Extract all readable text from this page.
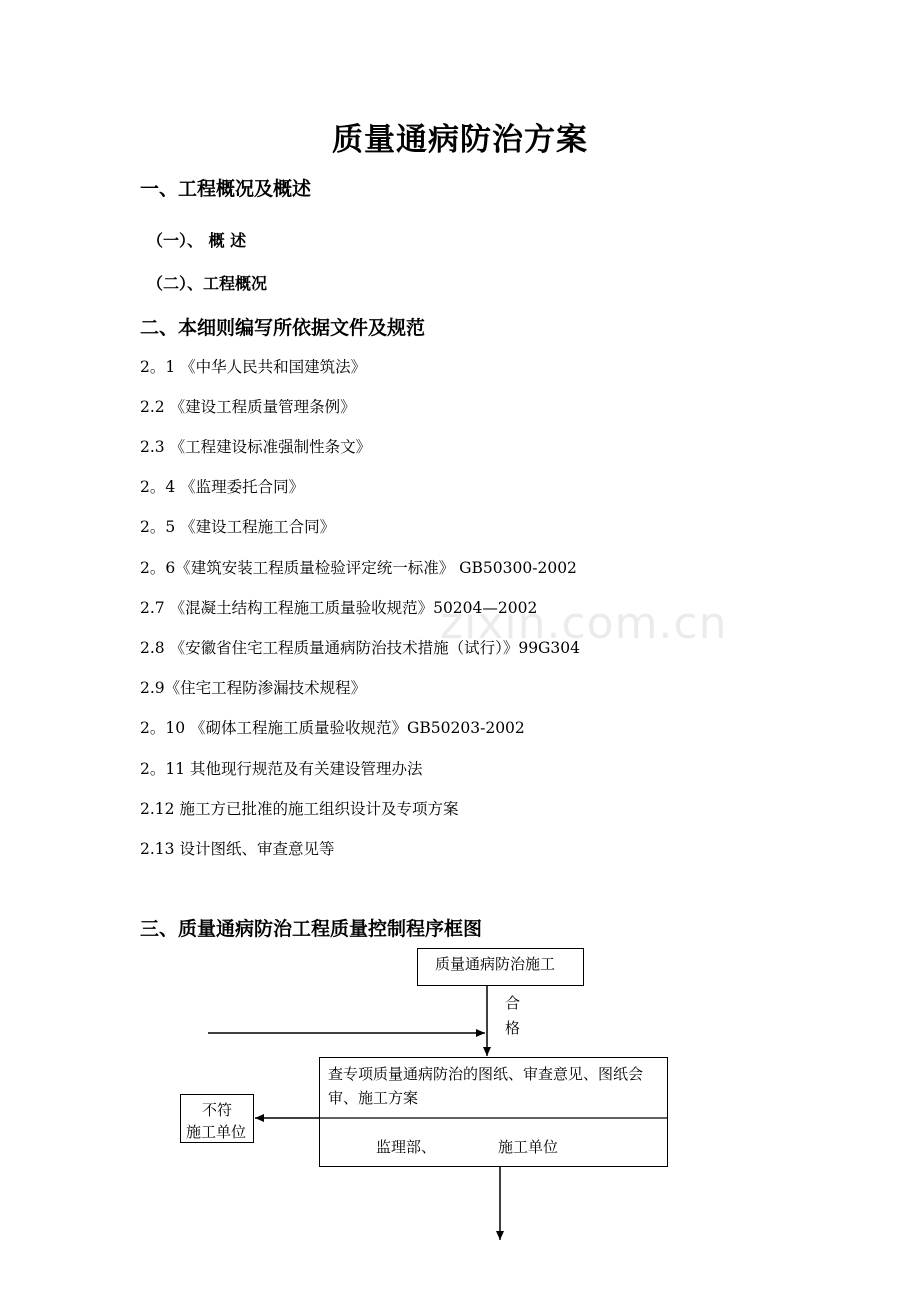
zixin.com.cn
质量通病防治方案
一、工程概况及概述
（一）、 概 述
（二）、工程概况
二、本细则编写所依据文件及规范
2。1 《中华人民共和国建筑法》
2.2 《建设工程质量管理条例》
2.3 《工程建设标准强制性条文》
2。4 《监理委托合同》
2。5 《建设工程施工合同》
2。6《建筑安装工程质量检验评定统一标准》 GB50300-2002
2.7 《混凝土结构工程施工质量验收规范》50204—2002
2.8 《安徽省住宅工程质量通病防治技术措施（试行）》99G304
2.9《住宅工程防渗漏技术规程》
2。10 《砌体工程施工质量验收规范》GB50203-2002
2。11 其他现行规范及有关建设管理办法
2.12 施工方已批准的施工组织设计及专项方案
2.13 设计图纸、审查意见等
三、质量通病防治工程质量控制程序框图
质量通病防治施工
合
格
查专项质量通病防治的图纸、审查意见、图纸会
审、施工方案
监理部、	施工单位
不符
施工单位
